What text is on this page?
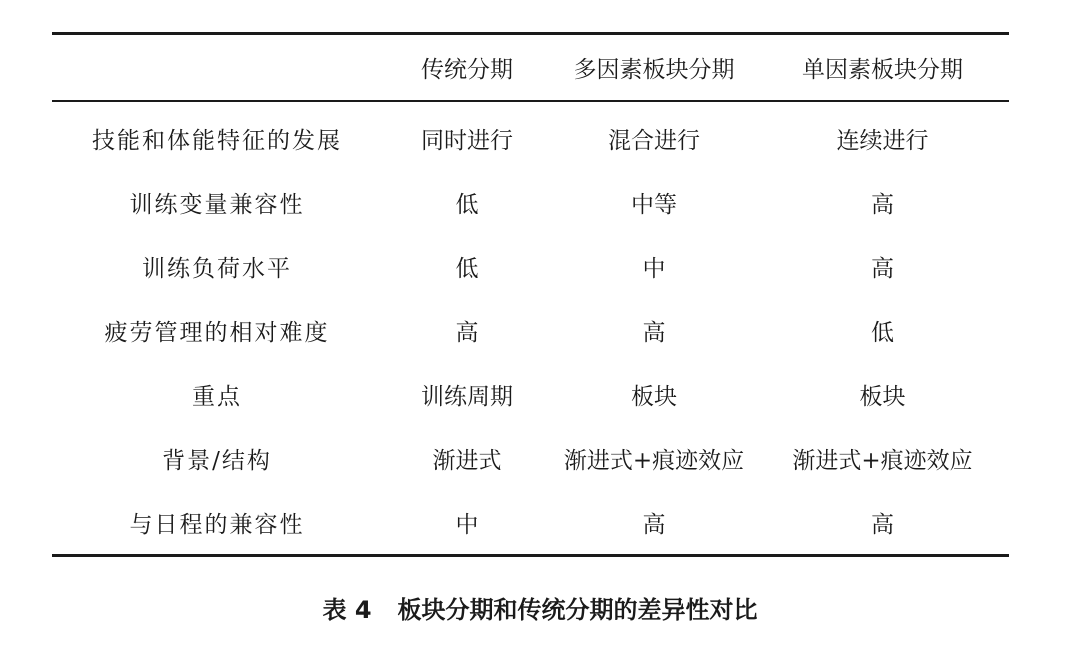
	传统分期	多因素板块分期	单因素板块分期
技能和体能特征的发展	同时进行	混合进行	连续进行
训练变量兼容性	低	中等	高
训练负荷水平	低	中	高
疲劳管理的相对难度	高	高	低
重点	训练周期	板块	板块
背景/结构	渐进式	渐进式+痕迹效应	渐进式+痕迹效应
与日程的兼容性	中	高	高
表 4 板块分期和传统分期的差异性对比
